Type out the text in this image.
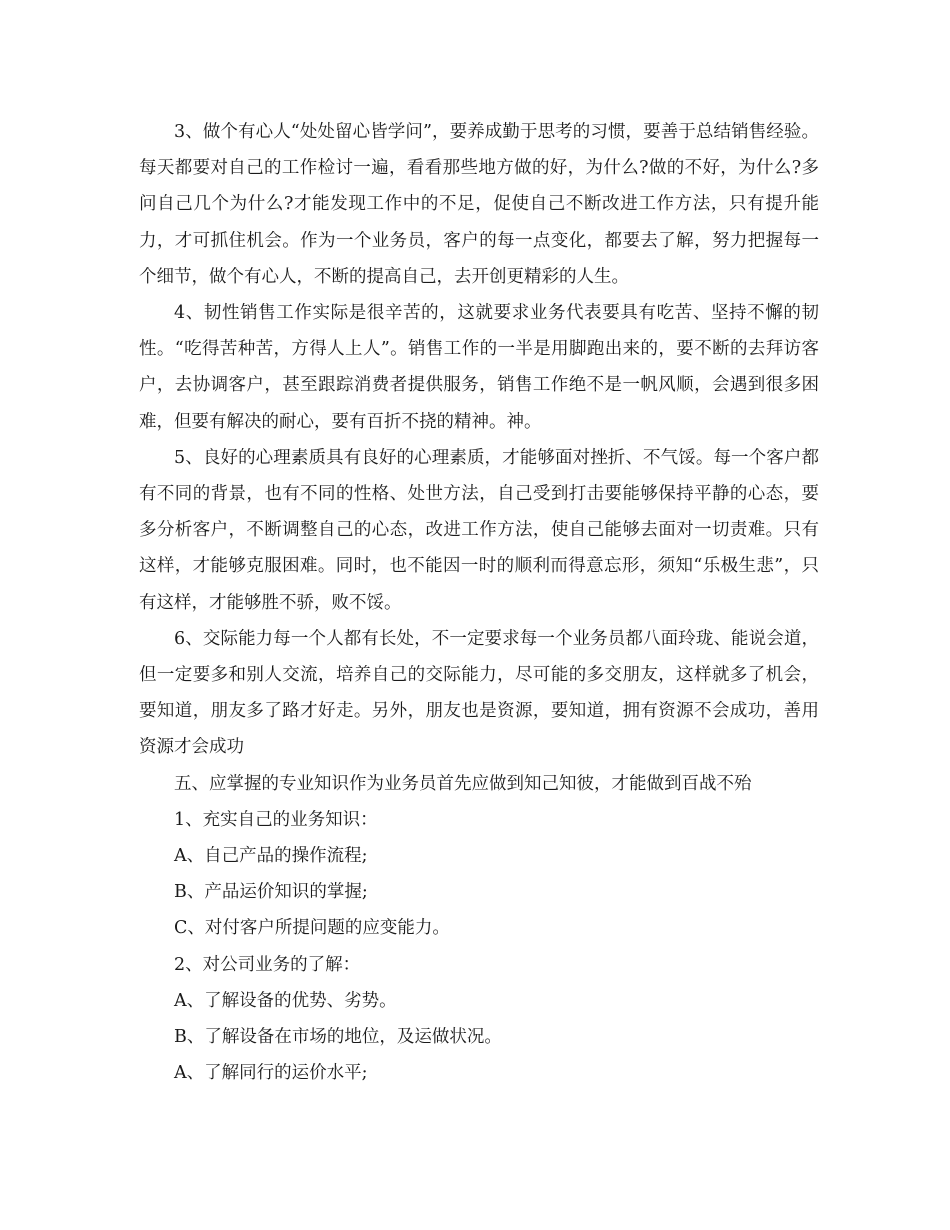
3、做个有心人“处处留心皆学问”，要养成勤于思考的习惯，要善于总结销售经验。每天都要对自己的工作检讨一遍，看看那些地方做的好，为什么?做的不好，为什么?多问自己几个为什么?才能发现工作中的不足，促使自己不断改进工作方法，只有提升能力，才可抓住机会。作为一个业务员，客户的每一点变化，都要去了解，努力把握每一个细节，做个有心人，不断的提高自己，去开创更精彩的人生。

4、韧性销售工作实际是很辛苦的，这就要求业务代表要具有吃苦、坚持不懈的韧性。“吃得苦种苦，方得人上人”。销售工作的一半是用脚跑出来的，要不断的去拜访客户，去协调客户，甚至跟踪消费者提供服务，销售工作绝不是一帆风顺，会遇到很多困难，但要有解决的耐心，要有百折不挠的精神。神。

5、良好的心理素质具有良好的心理素质，才能够面对挫折、不气馁。每一个客户都有不同的背景，也有不同的性格、处世方法，自己受到打击要能够保持平静的心态，要多分析客户，不断调整自己的心态，改进工作方法，使自己能够去面对一切责难。只有这样，才能够克服困难。同时，也不能因一时的顺利而得意忘形，须知“乐极生悲”，只有这样，才能够胜不骄，败不馁。

6、交际能力每一个人都有长处，不一定要求每一个业务员都八面玲珑、能说会道，但一定要多和别人交流，培养自己的交际能力，尽可能的多交朋友，这样就多了机会，要知道，朋友多了路才好走。另外，朋友也是资源，要知道，拥有资源不会成功，善用资源才会成功

五、应掌握的专业知识作为业务员首先应做到知己知彼，才能做到百战不殆

1、充实自己的业务知识：

A、自己产品的操作流程;

B、产品运价知识的掌握;

C、对付客户所提问题的应变能力。

2、对公司业务的了解：

A、了解设备的优势、劣势。

B、了解设备在市场的地位，及运做状况。

A、了解同行的运价水平;
